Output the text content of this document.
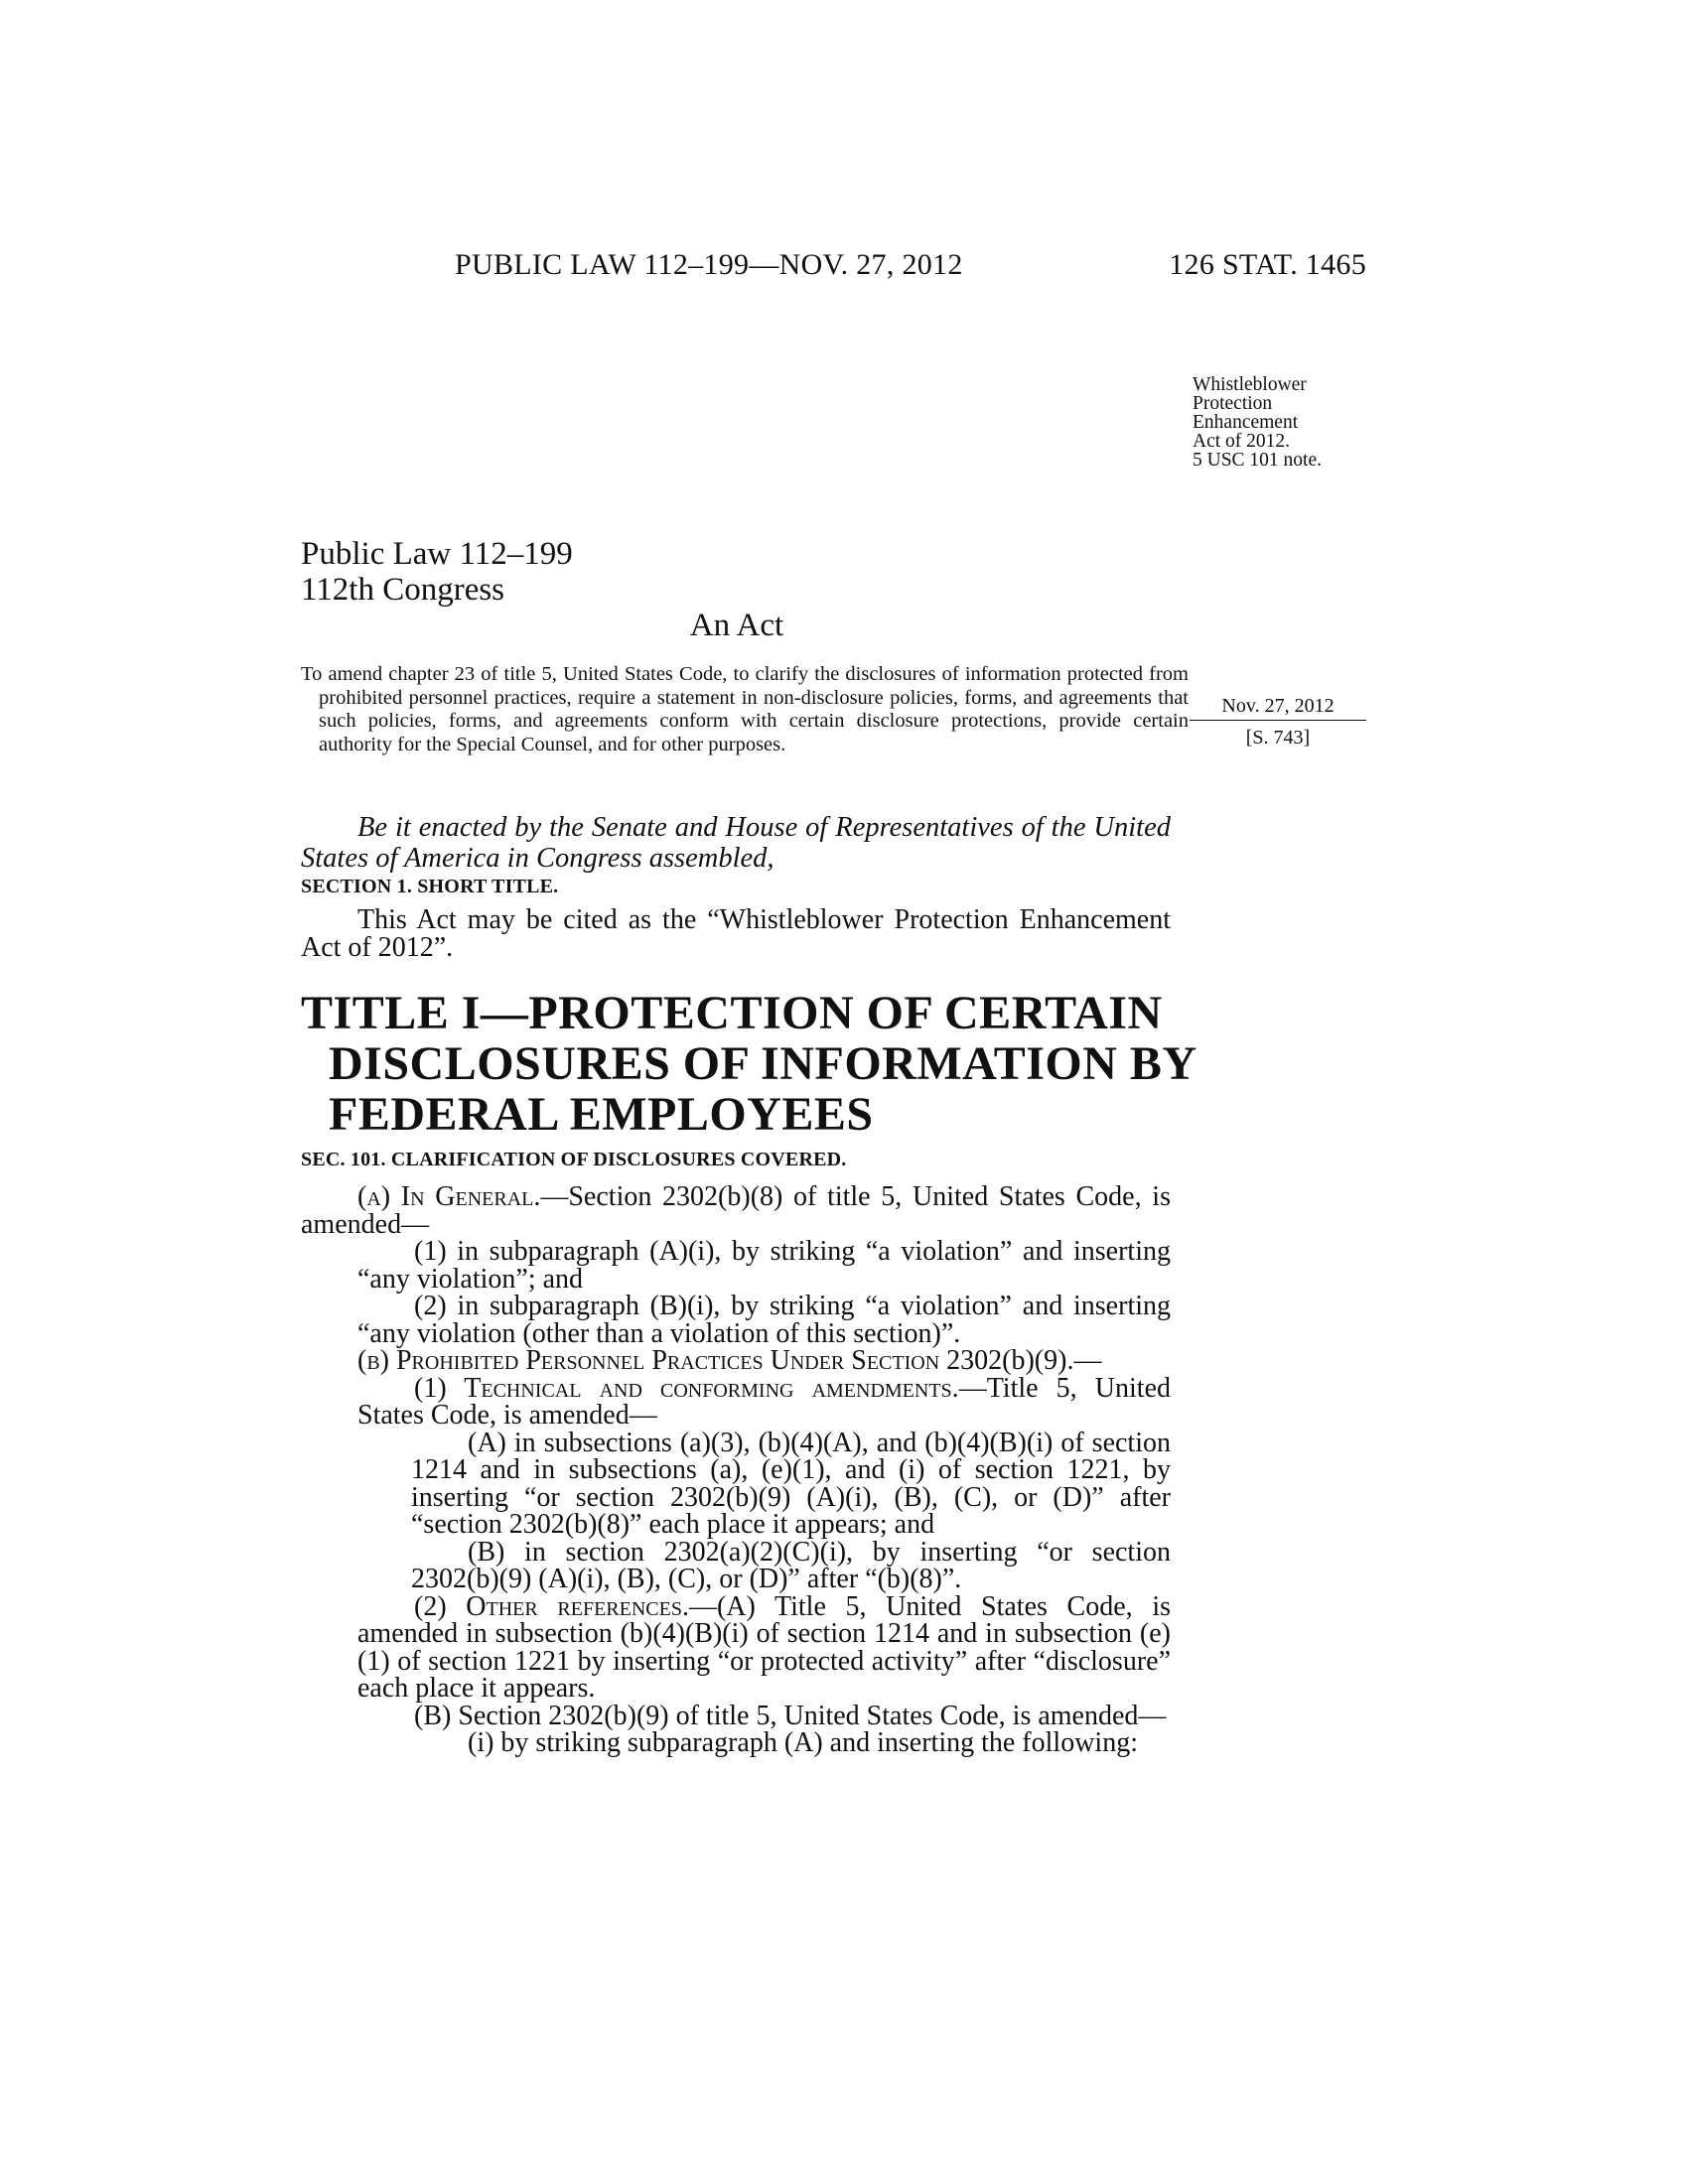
PUBLIC LAW 112–199—NOV. 27, 2012	126 STAT. 1465
Public Law 112–199
112th Congress
An Act
To amend chapter 23 of title 5, United States Code, to clarify the disclosures of information protected from prohibited personnel practices, require a statement in non-disclosure policies, forms, and agreements that such policies, forms, and agreements conform with certain disclosure protections, provide certain authority for the Special Counsel, and for other purposes.
Nov. 27, 2012
[S. 743]
Be it enacted by the Senate and House of Representatives of the United States of America in Congress assembled,
Whistleblower
Protection
Enhancement
Act of 2012.
5 USC 101 note.
SECTION 1. SHORT TITLE.
This Act may be cited as the “Whistleblower Protection Enhancement Act of 2012”.
TITLE I—PROTECTION OF CERTAIN DISCLOSURES OF INFORMATION BY FEDERAL EMPLOYEES
SEC. 101. CLARIFICATION OF DISCLOSURES COVERED.

(a) In General.—Section 2302(b)(8) of title 5, United States Code, is amended—

(1) in subparagraph (A)(i), by striking “a violation” and inserting “any violation”; and

(2) in subparagraph (B)(i), by striking “a violation” and inserting “any violation (other than a violation of this section)”.

(b) Prohibited Personnel Practices Under Section 2302(b)(9).—

(1) Technical and conforming amendments.—Title 5, United States Code, is amended—

(A) in subsections (a)(3), (b)(4)(A), and (b)(4)(B)(i) of section 1214 and in subsections (a), (e)(1), and (i) of section 1221, by inserting “or section 2302(b)(9) (A)(i), (B), (C), or (D)” after “section 2302(b)(8)” each place it appears; and

(B) in section 2302(a)(2)(C)(i), by inserting “or section 2302(b)(9) (A)(i), (B), (C), or (D)” after “(b)(8)”.

(2) Other references.—(A) Title 5, United States Code, is amended in subsection (b)(4)(B)(i) of section 1214 and in subsection (e)(1) of section 1221 by inserting “or protected activity” after “disclosure” each place it appears.

(B) Section 2302(b)(9) of title 5, United States Code, is amended—

(i) by striking subparagraph (A) and inserting the following:
